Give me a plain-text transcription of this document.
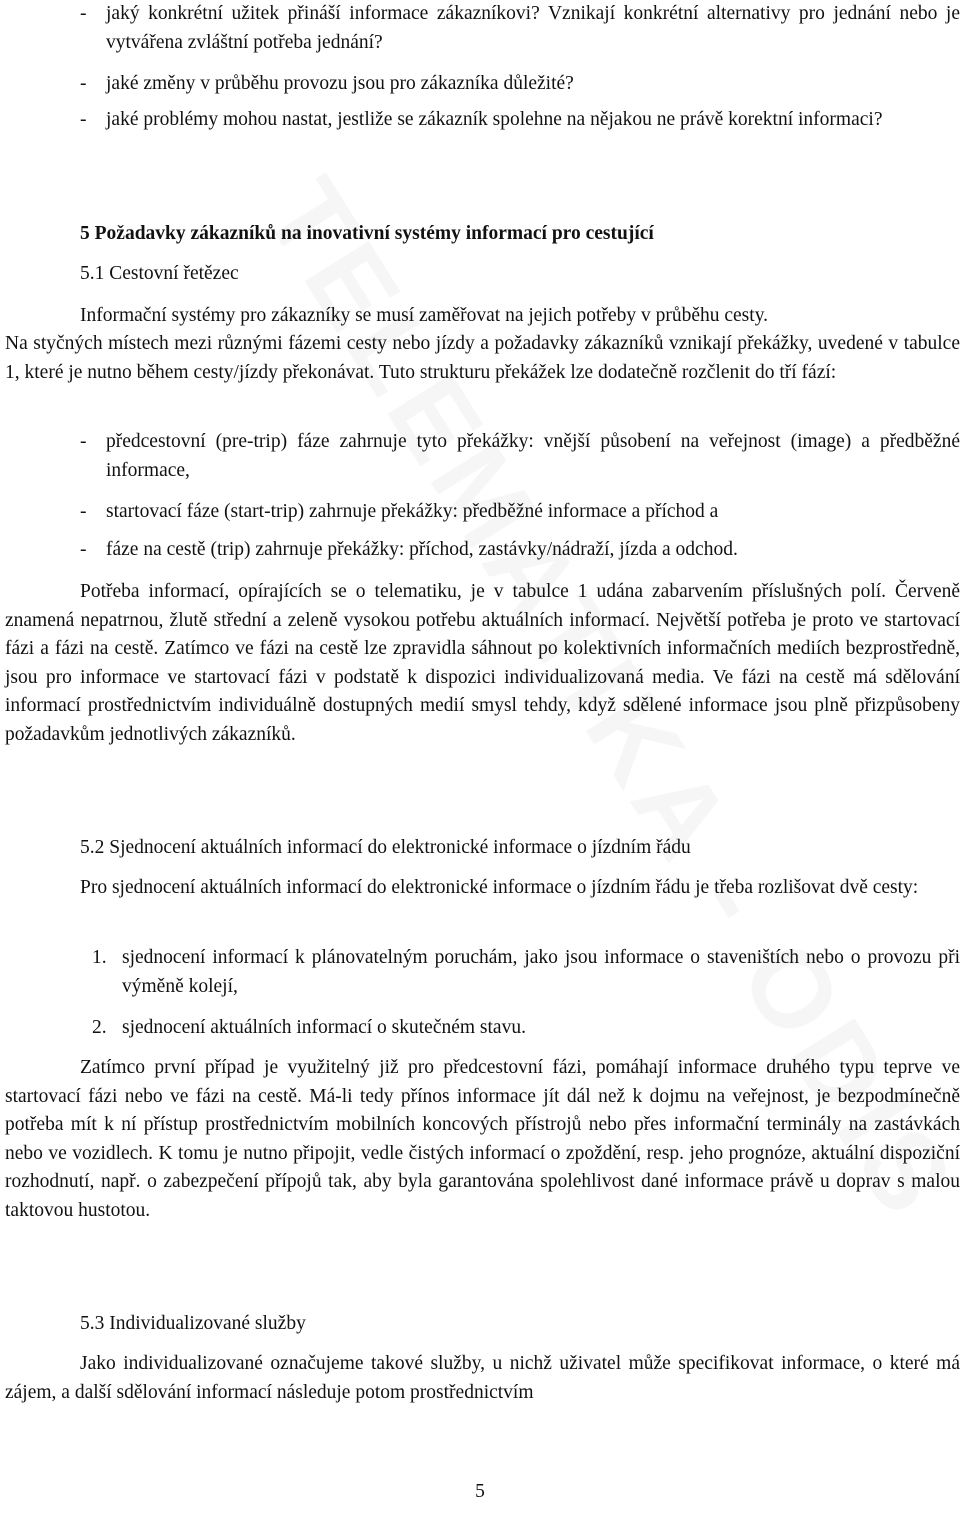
-	jaký konkrétní užitek přináší informace zákazníkovi? Vznikají konkrétní alternativy pro jednání nebo je vytvářena zvláštní potřeba jednání?
-	jaké změny v průběhu provozu jsou pro zákazníka důležité?
-	jaké problémy mohou nastat, jestliže se zákazník spolehne na nějakou ne právě korektní informaci?
5 Požadavky zákazníků na inovativní systémy informací pro cestující
5.1 Cestovní řetězec
Informační systémy pro zákazníky se musí zaměřovat na jejich potřeby v průběhu cesty.
Na styčných místech mezi různými fázemi cesty nebo jízdy a požadavky zákazníků vznikají překážky, uvedené v tabulce 1, které je nutno během cesty/jízdy překonávat. Tuto strukturu překážek lze dodatečně rozčlenit do tří fází:
-	předcestovní (pre-trip) fáze zahrnuje tyto překážky: vnější působení na veřejnost (image) a předběžné informace,
-	startovací fáze (start-trip) zahrnuje překážky: předběžné informace a příchod a
-	fáze na cestě (trip) zahrnuje překážky: příchod, zastávky/nádraží, jízda a odchod.
Potřeba informací, opírajících se o telematiku, je v tabulce 1 udána zabarvením příslušných polí. Červeně znamená nepatrnou, žlutě střední a zeleně vysokou potřebu aktuálních informací. Největší potřeba je proto ve startovací fázi a fázi na cestě. Zatímco ve fázi na cestě lze zpravidla sáhnout po kolektivních informačních mediích bezprostředně, jsou pro informace ve startovací fázi v podstatě k dispozici individualizovaná media. Ve fázi na cestě má sdělování informací prostřednictvím individuálně dostupných medií smysl tehdy, když sdělené informace jsou plně přizpůsobeny požadavkům jednotlivých zákazníků.
5.2 Sjednocení aktuálních informací do elektronické informace o jízdním řádu
Pro sjednocení aktuálních informací do elektronické informace o jízdním řádu je třeba rozlišovat dvě cesty:
1. sjednocení informací k plánovatelným poruchám, jako jsou informace o staveništích nebo o provozu při výměně kolejí,
2. sjednocení aktuálních informací o skutečném stavu.
Zatímco první případ je využitelný již pro předcestovní fázi, pomáhají informace druhého typu teprve ve startovací fázi nebo ve fázi na cestě. Má-li tedy přínos informace jít dál než k dojmu na veřejnost, je bezpodmínečně potřeba mít k ní přístup prostřednictvím mobilních koncových přístrojů nebo přes informační terminály na zastávkách nebo ve vozidlech. K tomu je nutno připojit, vedle čistých informací o zpoždění, resp. jeho prognóze, aktuální dispoziční rozhodnutí, např. o zabezpečení přípojů tak, aby byla garantována spolehlivost dané informace právě u doprav s malou taktovou hustotou.
5.3 Individualizované služby
Jako individualizované označujeme takové služby, u nichž uživatel může specifikovat informace, o které má zájem, a další sdělování informací následuje potom prostřednictvím
5
